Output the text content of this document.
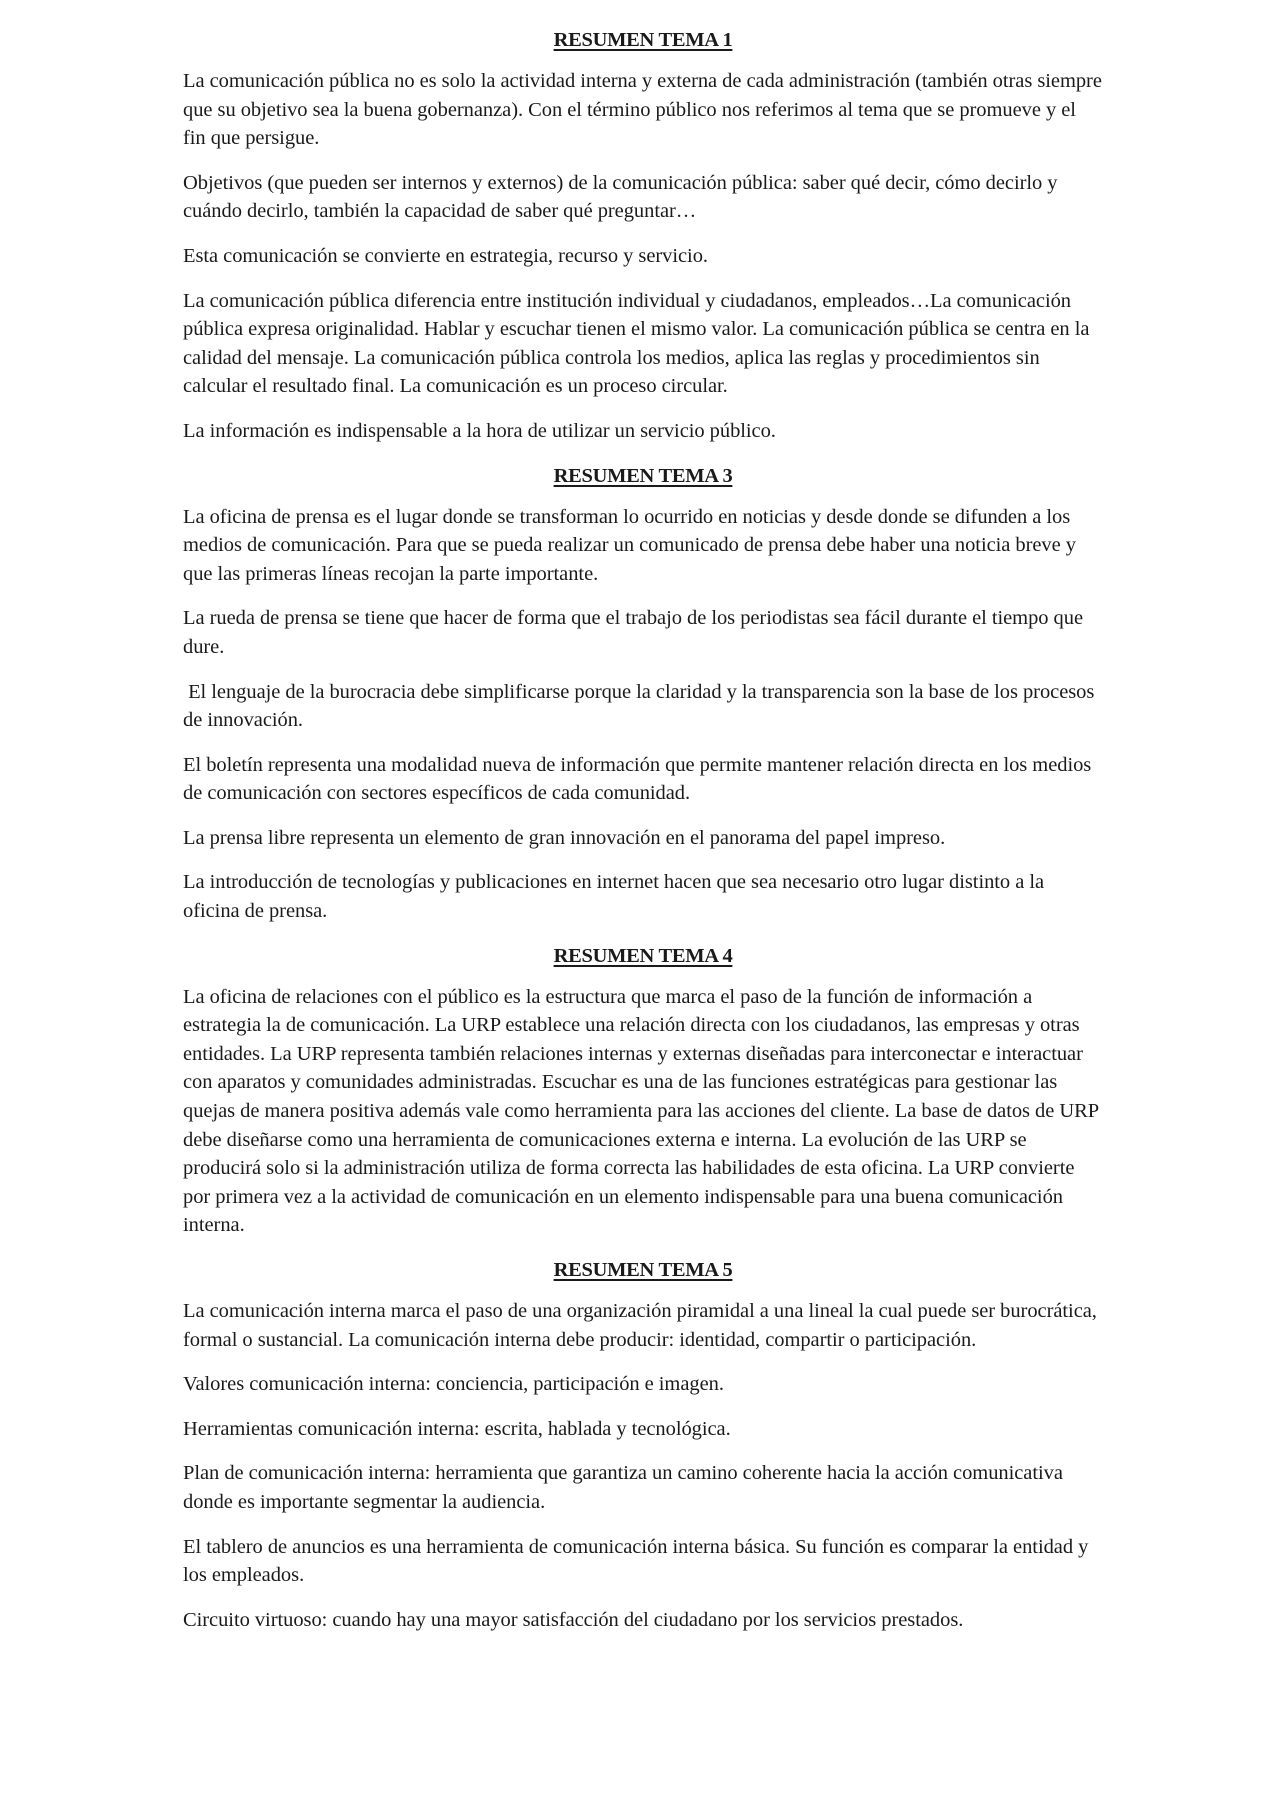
RESUMEN TEMA 1

La comunicación pública no es solo la actividad interna y externa de cada administración (también otras siempre que su objetivo sea la buena gobernanza). Con el término público nos referimos al tema que se promueve y el fin que persigue.

Objetivos (que pueden ser internos y externos) de la comunicación pública: saber qué decir, cómo decirlo y cuándo decirlo, también la capacidad de saber qué preguntar…

Esta comunicación se convierte en estrategia, recurso y servicio.

La comunicación pública diferencia entre institución individual y ciudadanos, empleados…La comunicación pública expresa originalidad. Hablar y escuchar tienen el mismo valor. La comunicación pública se centra en la calidad del mensaje. La comunicación pública controla los medios, aplica las reglas y procedimientos sin calcular el resultado final. La comunicación es un proceso circular.

La información es indispensable a la hora de utilizar un servicio público.

RESUMEN TEMA 3

La oficina de prensa es el lugar donde se transforman lo ocurrido en noticias y desde donde se difunden a los medios de comunicación. Para que se pueda realizar un comunicado de prensa debe haber una noticia breve y que las primeras líneas recojan la parte importante.

La rueda de prensa se tiene que hacer de forma que el trabajo de los periodistas sea fácil durante el tiempo que dure.

El lenguaje de la burocracia debe simplificarse porque la claridad y la transparencia son la base de los procesos de innovación.

El boletín representa una modalidad nueva de información que permite mantener relación directa en los medios de comunicación con sectores específicos de cada comunidad.

La prensa libre representa un elemento de gran innovación en el panorama del papel impreso.

La introducción de tecnologías y publicaciones en internet hacen que sea necesario otro lugar distinto a la oficina de prensa.

RESUMEN TEMA 4

La oficina de relaciones con el público es la estructura que marca el paso de la función de información a estrategia la de comunicación. La URP establece una relación directa con los ciudadanos, las empresas y otras entidades. La URP representa también relaciones internas y externas diseñadas para interconectar e interactuar con aparatos y comunidades administradas. Escuchar es una de las funciones estratégicas para gestionar las quejas de manera positiva además vale como herramienta para las acciones del cliente. La base de datos de URP debe diseñarse como una herramienta de comunicaciones externa e interna. La evolución de las URP se producirá solo si la administración utiliza de forma correcta las habilidades de esta oficina. La URP convierte por primera vez a la actividad de comunicación en un elemento indispensable para una buena comunicación interna.

RESUMEN TEMA 5

La comunicación interna marca el paso de una organización piramidal a una lineal la cual puede ser burocrática, formal o sustancial. La comunicación interna debe producir: identidad, compartir o participación.

Valores comunicación interna: conciencia, participación e imagen.

Herramientas comunicación interna: escrita, hablada y tecnológica.

Plan de comunicación interna: herramienta que garantiza un camino coherente hacia la acción comunicativa donde es importante segmentar la audiencia.

El tablero de anuncios es una herramienta de comunicación interna básica. Su función es comparar la entidad y los empleados.

Circuito virtuoso: cuando hay una mayor satisfacción del ciudadano por los servicios prestados.
